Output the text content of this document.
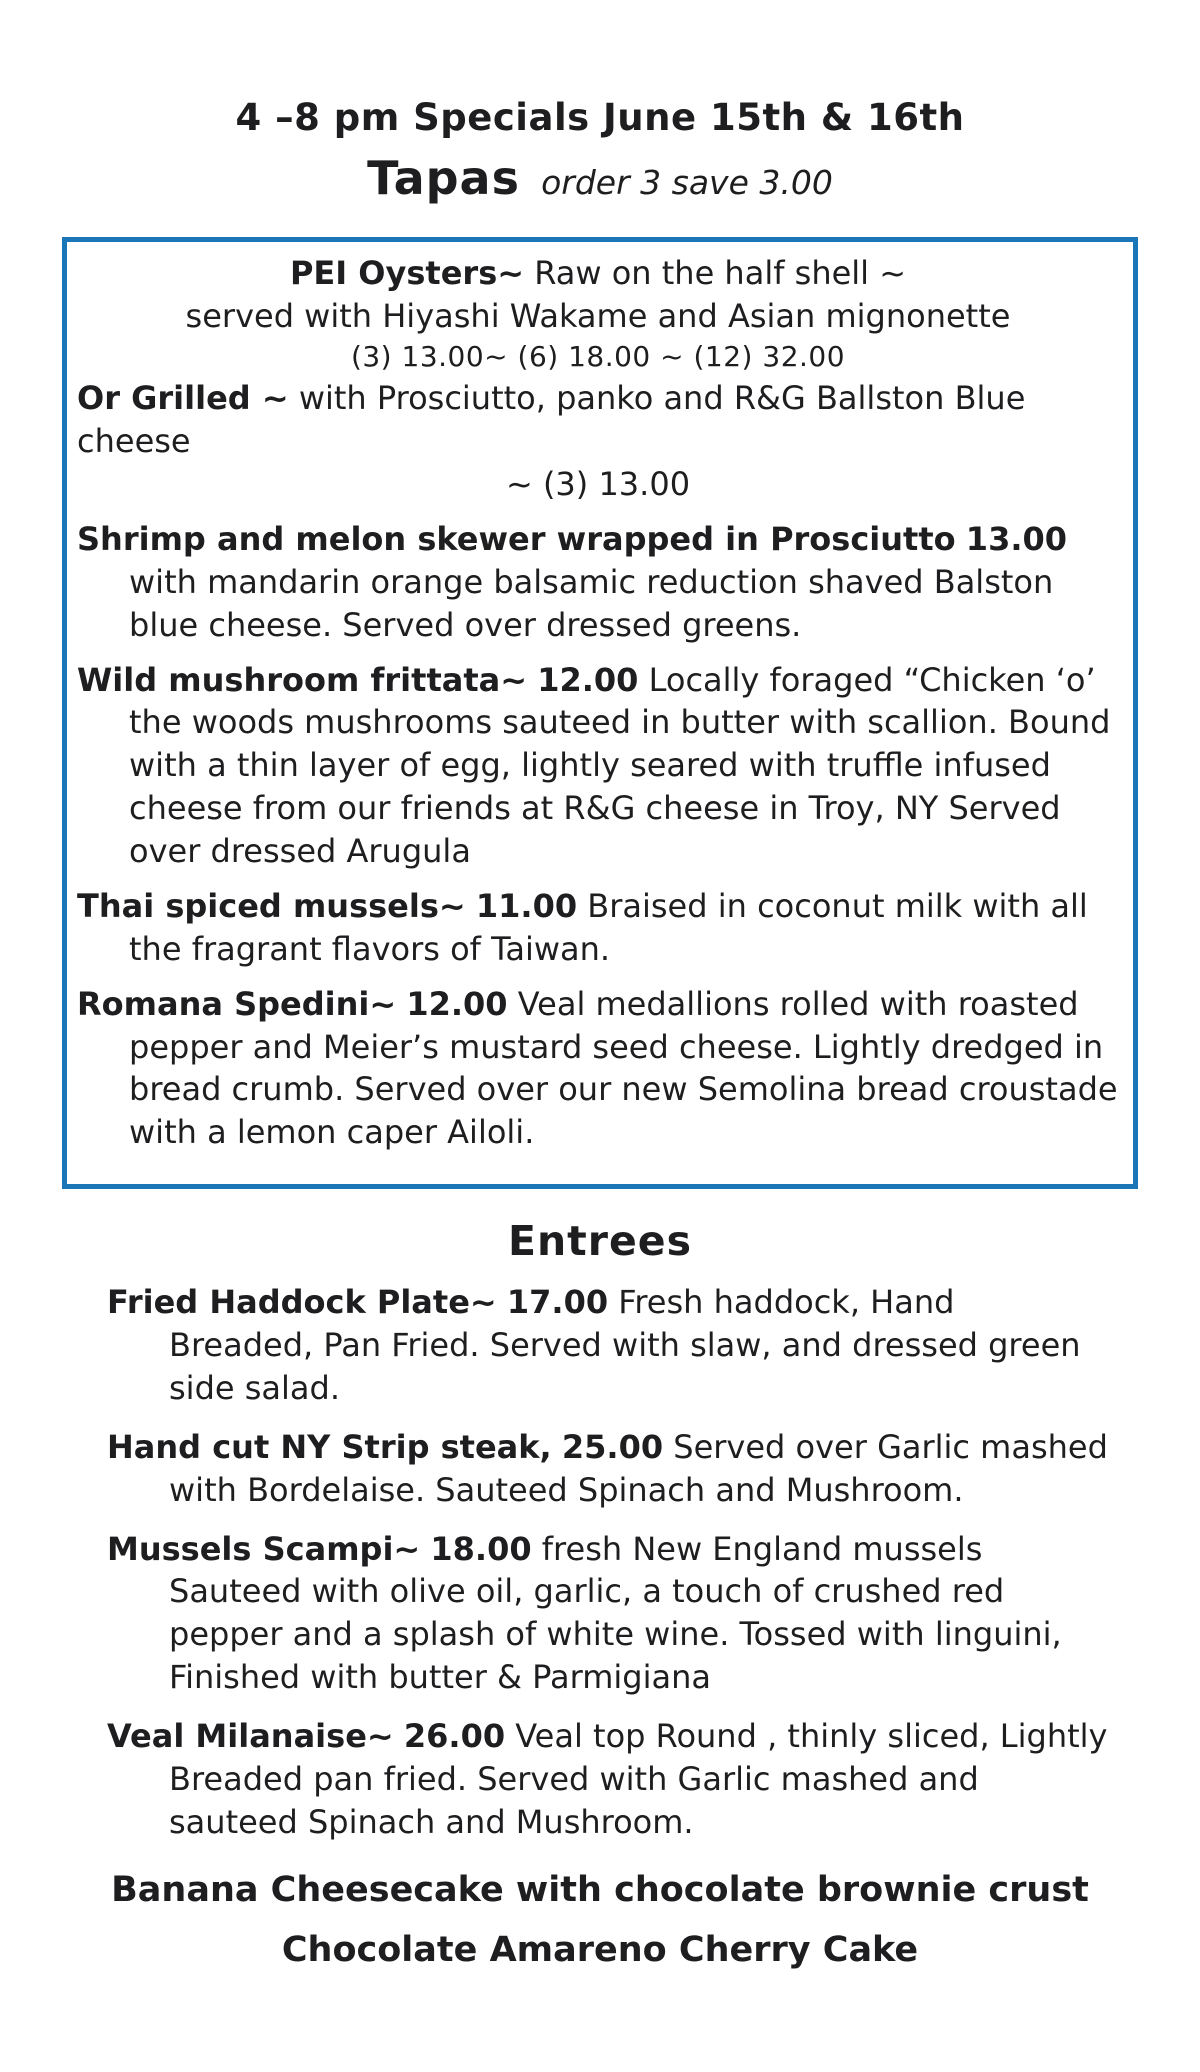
4 –8 pm Specials June 15th & 16th
Tapas order 3 save 3.00
PEI Oysters~ Raw on the half shell ~
served with Hiyashi Wakame and Asian mignonette
(3) 13.00~ (6) 18.00 ~ (12) 32.00
Or Grilled ~ with Prosciutto, panko and R&G Ballston Blue cheese
~ (3) 13.00
Shrimp and melon skewer wrapped in Prosciutto 13.00 with mandarin orange balsamic reduction shaved Balston blue cheese. Served over dressed greens.
Wild mushroom frittata~ 12.00 Locally foraged “Chicken ‘o’ the woods mushrooms sauteed in butter with scallion. Bound with a thin layer of egg, lightly seared with truffle infused cheese from our friends at R&G cheese in Troy, NY Served over dressed Arugula
Thai spiced mussels~ 11.00 Braised in coconut milk with all the fragrant flavors of Taiwan.
Romana Spedini~ 12.00 Veal medallions rolled with roasted pepper and Meier’s mustard seed cheese. Lightly dredged in bread crumb. Served over our new Semolina bread croustade with a lemon caper Ailoli.
Entrees
Fried Haddock Plate~ 17.00 Fresh haddock, Hand Breaded, Pan Fried. Served with slaw, and dressed green side salad.
Hand cut NY Strip steak, 25.00 Served over Garlic mashed with Bordelaise. Sauteed Spinach and Mushroom.
Mussels Scampi~ 18.00 fresh New England mussels Sauteed with olive oil, garlic, a touch of crushed red pepper and a splash of white wine. Tossed with linguini, Finished with butter & Parmigiana
Veal Milanaise~ 26.00 Veal top Round , thinly sliced, Lightly Breaded pan fried. Served with Garlic mashed and sauteed Spinach and Mushroom.
Banana Cheesecake with chocolate brownie crust
Chocolate Amareno Cherry Cake
